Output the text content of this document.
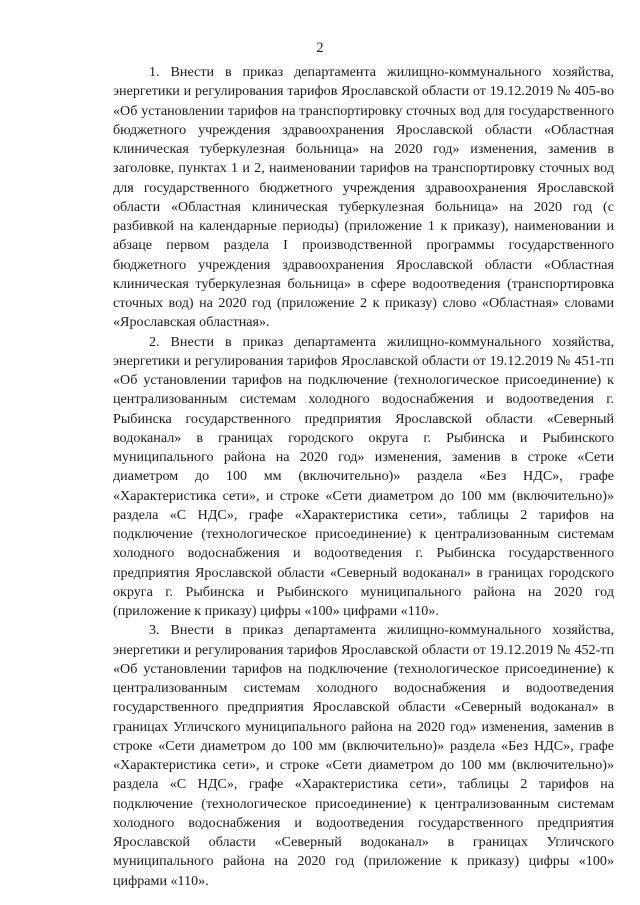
2

1. Внести в приказ департамента жилищно-коммунального хозяйства, энергетики и регулирования тарифов Ярославской области от 19.12.2019 № 405-во «Об установлении тарифов на транспортировку сточных вод для государственного бюджетного учреждения здравоохранения Ярославской области «Областная клиническая туберкулезная больница» на 2020 год» изменения, заменив в заголовке, пунктах 1 и 2, наименовании тарифов на транспортировку сточных вод для государственного бюджетного учреждения здравоохранения Ярославской области «Областная клиническая туберкулезная больница» на 2020 год (с разбивкой на календарные периоды) (приложение 1 к приказу), наименовании и абзаце первом раздела I производственной программы государственного бюджетного учреждения здравоохранения Ярославской области «Областная клиническая туберкулезная больница» в сфере водоотведения (транспортировка сточных вод) на 2020 год (приложение 2 к приказу) слово «Областная» словами «Ярославская областная».

2. Внести в приказ департамента жилищно-коммунального хозяйства, энергетики и регулирования тарифов Ярославской области от 19.12.2019 № 451-тп «Об установлении тарифов на подключение (технологическое присоединение) к централизованным системам холодного водоснабжения и водоотведения г. Рыбинска государственного предприятия Ярославской области «Северный водоканал» в границах городского округа г. Рыбинска и Рыбинского муниципального района на 2020 год» изменения, заменив в строке «Сети диаметром до 100 мм (включительно)» раздела «Без НДС», графе «Характеристика сети», и строке «Сети диаметром до 100 мм (включительно)» раздела «С НДС», графе «Характеристика сети», таблицы 2 тарифов на подключение (технологическое присоединение) к централизованным системам холодного водоснабжения и водоотведения г. Рыбинска государственного предприятия Ярославской области «Северный водоканал» в границах городского округа г. Рыбинска и Рыбинского муниципального района на 2020 год (приложение к приказу) цифры «100» цифрами «110».

3. Внести в приказ департамента жилищно-коммунального хозяйства, энергетики и регулирования тарифов Ярославской области от 19.12.2019 № 452-тп «Об установлении тарифов на подключение (технологическое присоединение) к централизованным системам холодного водоснабжения и водоотведения государственного предприятия Ярославской области «Северный водоканал» в границах Угличского муниципального района на 2020 год» изменения, заменив в строке «Сети диаметром до 100 мм (включительно)» раздела «Без НДС», графе «Характеристика сети», и строке «Сети диаметром до 100 мм (включительно)» раздела «С НДС», графе «Характеристика сети», таблицы 2 тарифов на подключение (технологическое присоединение) к централизованным системам холодного водоснабжения и водоотведения государственного предприятия Ярославской области «Северный водоканал» в границах Угличского муниципального района на 2020 год (приложение к приказу) цифры «100» цифрами «110».
